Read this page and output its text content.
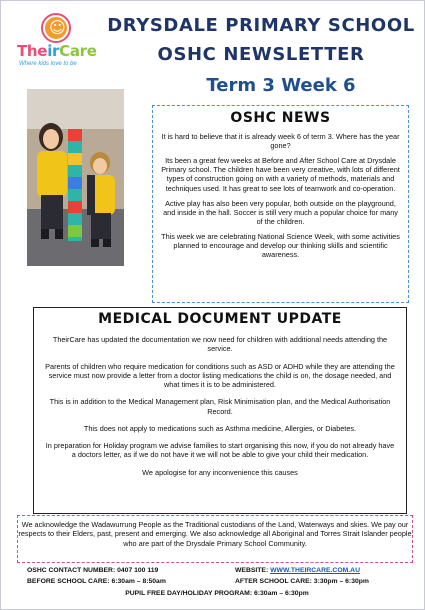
☺
TheirCare
Where kids love to be
DRYSDALE PRIMARY SCHOOL
OSHC NEWSLETTER
Term 3 Week 6
OSHC NEWS

It is hard to believe that it is already week 6 of term 3. Where has the year gone?

Its been a great few weeks at Before and After School Care at Drysdale Primary school. The children have been very creative, with lots of different types of construction going on with a variety of methods, materials and techniques used. It has great to see lots of teamwork and co-operation.

Active play has also been very popular, both outside on the playground, and inside in the hall. Soccer is still very much a popular choice for many of the children.

This week we are celebrating National Science Week, with some activities planned to encourage and develop our thinking skills and scientific awareness.

MEDICAL DOCUMENT UPDATE

TheirCare has updated the documentation we now need for children with additional needs attending the service.

Parents of children who require medication for conditions such as ASD or ADHD while they are attending the service must now provide a letter from a doctor listing medications the child is on, the dosage needed, and what times it is to be administered.

This is in addition to the Medical Management plan, Risk Minimisation plan, and the Medical Authorisation Record.

This does not apply to medications such as Asthma medicine, Allergies, or Diabetes.

In preparation for Holiday program we advise families to start organising this now, if you do not already have a doctors letter, as if we do not have it we will not be able to give your child their medication.

We apologise for any inconvenience this causes

We acknowledge the Wadawurrung People as the Traditional custodians of the Land, Waterways and skies. We pay our respects to their Elders, past, present and emerging. We also acknowledge all Aboriginal and Torres Strait Islander people who are part of the Drysdale Primary School Community.

OSHC CONTACT NUMBER: 0407 100 119	WEBSITE: WWW.THEIRCARE.COM.AU
BEFORE SCHOOL CARE: 6:30am – 8:50am	AFTER SCHOOL CARE: 3:30pm – 6:30pm
PUPIL FREE DAY/HOLIDAY PROGRAM: 6:30am – 6:30pm
